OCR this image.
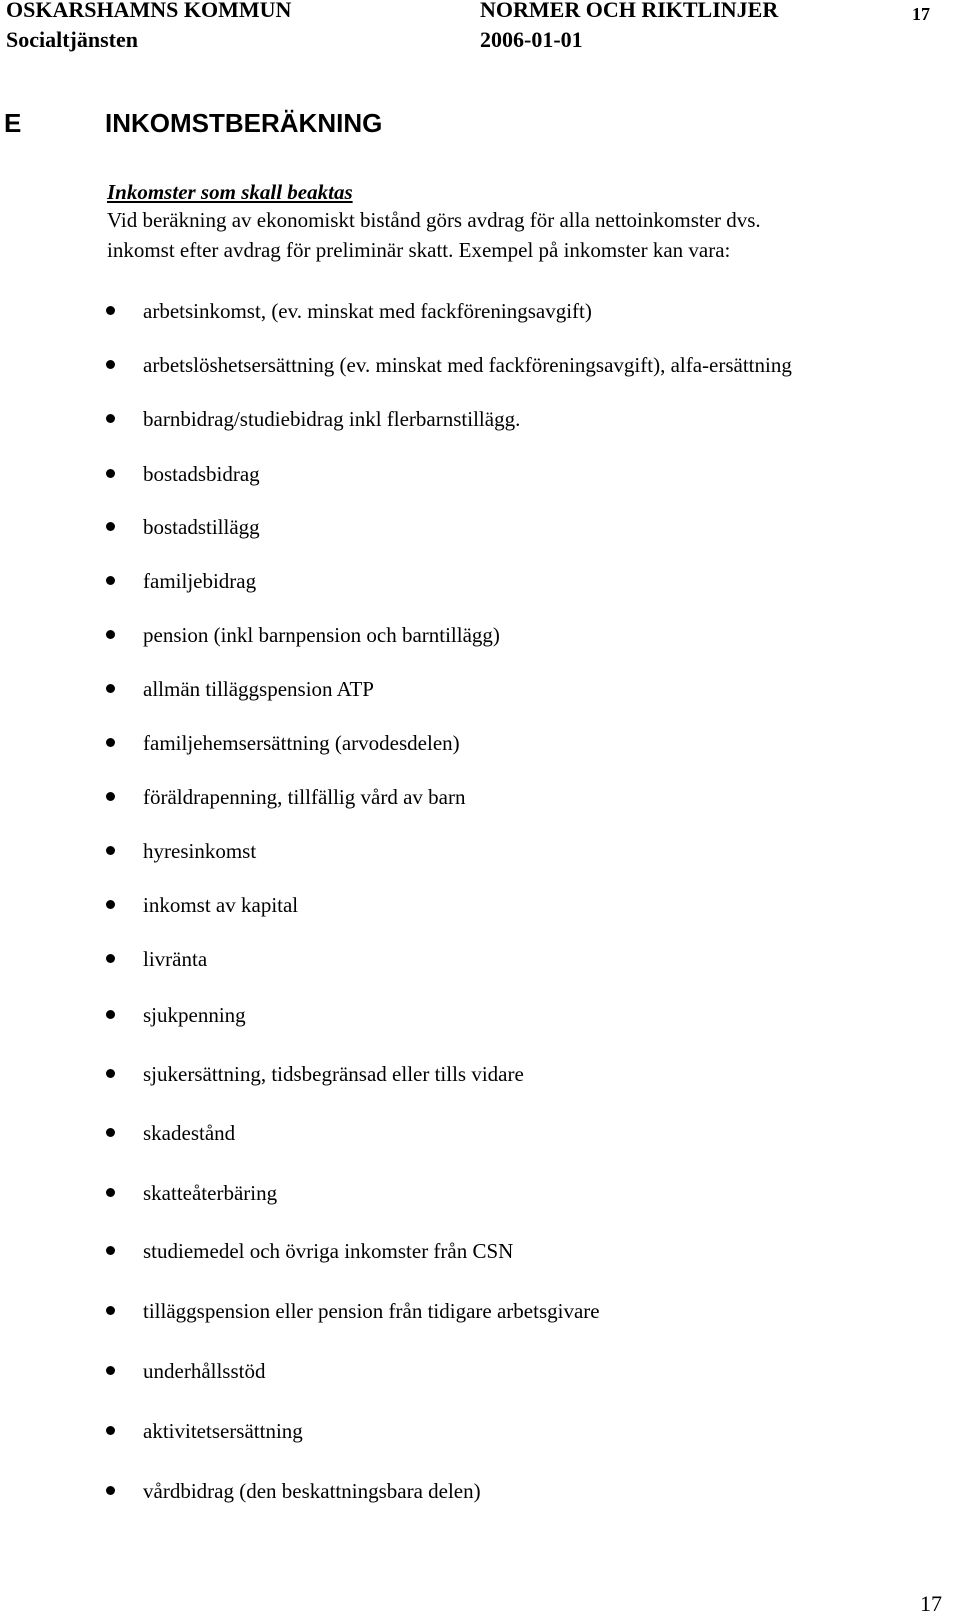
OSKARSHAMNS KOMMUN
Socialtjänsten
NORMER OCH RIKTLINJER
2006-01-01
17
E	INKOMSTBERÄKNING
Inkomster som skall beaktas
Vid beräkning av ekonomiskt bistånd görs avdrag för alla nettoinkomster dvs.
inkomst efter avdrag för preliminär skatt. Exempel på inkomster kan vara:
arbetsinkomst, (ev. minskat med fackföreningsavgift)
arbetslöshetsersättning (ev. minskat med fackföreningsavgift), alfa-ersättning
barnbidrag/studiebidrag inkl flerbarnstillägg.
bostadsbidrag
bostadstillägg
familjebidrag
pension (inkl barnpension och barntillägg)
allmän tilläggspension ATP
familjehemsersättning (arvodesdelen)
föräldrapenning, tillfällig vård av barn
hyresinkomst
inkomst av kapital
livränta
sjukpenning
sjukersättning, tidsbegränsad eller tills vidare
skadestånd
skatteåterbäring
studiemedel och övriga inkomster från CSN
tilläggspension eller pension från tidigare arbetsgivare
underhållsstöd
aktivitetsersättning
vårdbidrag (den beskattningsbara delen)
17
